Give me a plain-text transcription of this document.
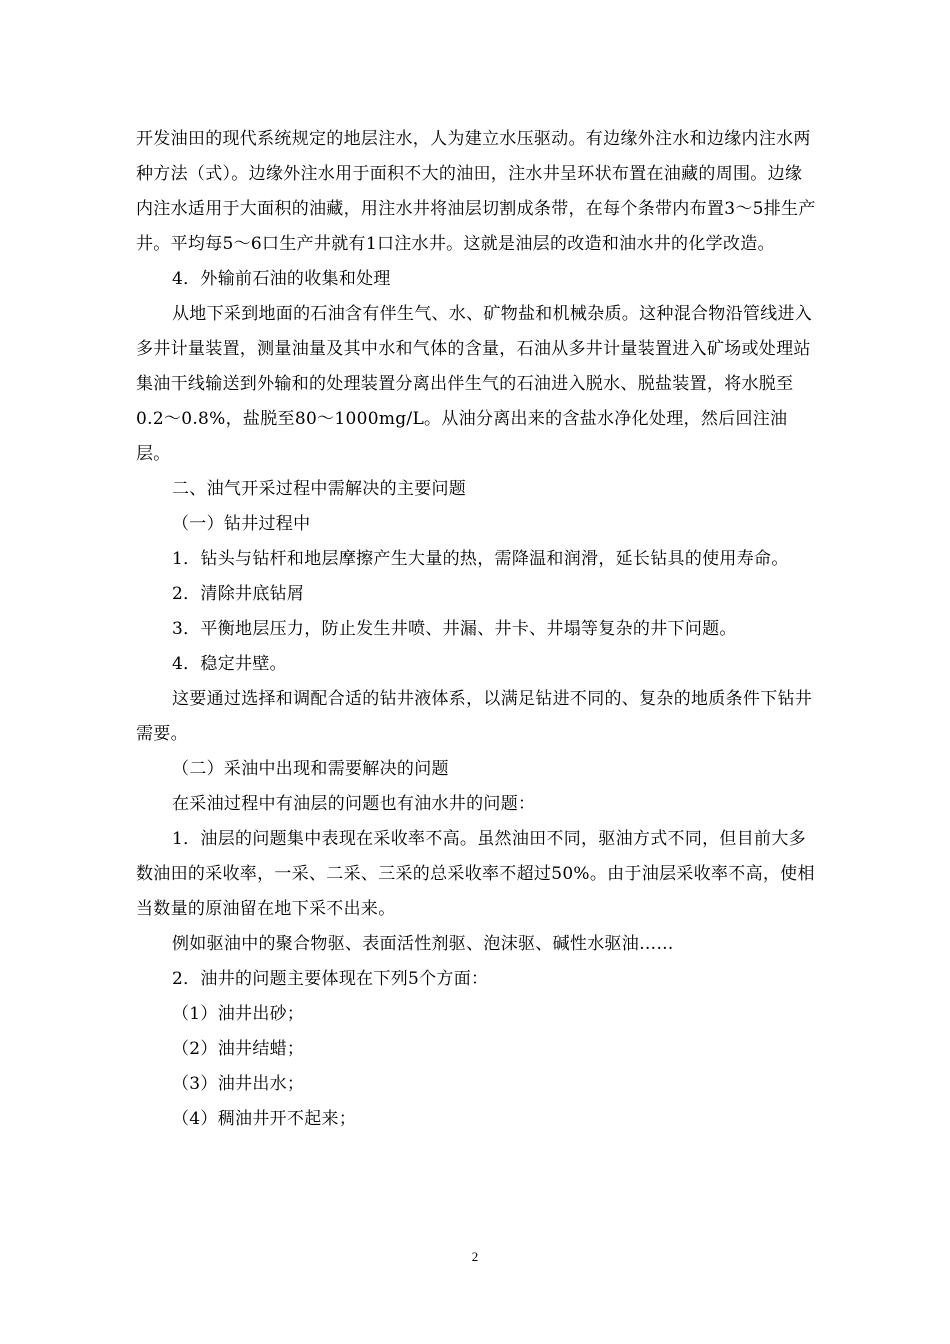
开发油田的现代系统规定的地层注水，人为建立水压驱动。有边缘外注水和边缘内注水两种方法（式）。边缘外注水用于面积不大的油田，注水井呈环状布置在油藏的周围。边缘内注水适用于大面积的油藏，用注水井将油层切割成条带，在每个条带内布置3～5排生产井。平均每5～6口生产井就有1口注水井。这就是油层的改造和油水井的化学改造。

4．外输前石油的收集和处理

从地下采到地面的石油含有伴生气、水、矿物盐和机械杂质。这种混合物沿管线进入多井计量装置，测量油量及其中水和气体的含量，石油从多井计量装置进入矿场或处理站集油干线输送到外输和的处理装置分离出伴生气的石油进入脱水、脱盐装置，将水脱至0.2～0.8%，盐脱至80～1000mg/L。从油分离出来的含盐水净化处理，然后回注油层。

二、油气开采过程中需解决的主要问题

（一）钻井过程中

1．钻头与钻杆和地层摩擦产生大量的热，需降温和润滑，延长钻具的使用寿命。

2．清除井底钻屑

3．平衡地层压力，防止发生井喷、井漏、井卡、井塌等复杂的井下问题。

4．稳定井壁。

这要通过选择和调配合适的钻井液体系，以满足钻进不同的、复杂的地质条件下钻井需要。

（二）采油中出现和需要解决的问题

在采油过程中有油层的问题也有油水井的问题：

1．油层的问题集中表现在采收率不高。虽然油田不同，驱油方式不同，但目前大多数油田的采收率，一采、二采、三采的总采收率不超过50%。由于油层采收率不高，使相当数量的原油留在地下采不出来。

例如驱油中的聚合物驱、表面活性剂驱、泡沫驱、碱性水驱油……

2．油井的问题主要体现在下列5个方面：

（1）油井出砂；

（2）油井结蜡；

（3）油井出水；

（4）稠油井开不起来；

2
